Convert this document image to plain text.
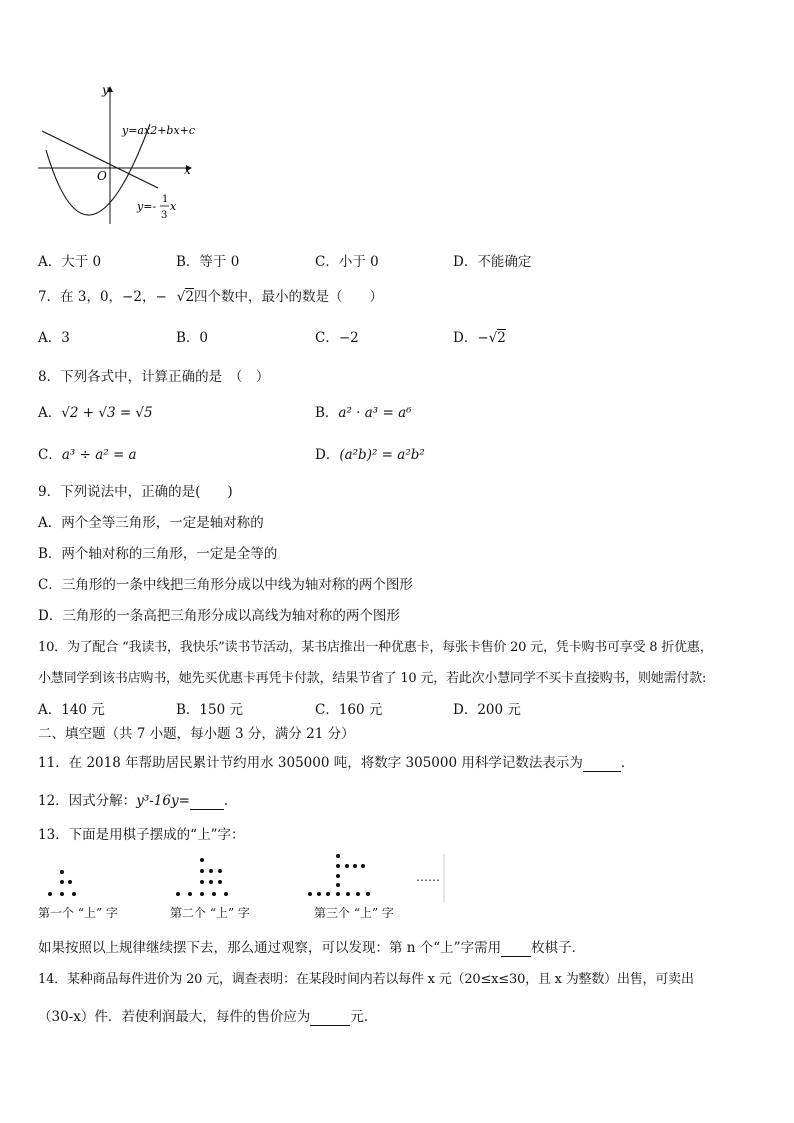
y
x
O
y=ax2+bx+c
y=-
1
3
x
A．大于 0	B．等于 0	C．小于 0	D．不能确定
7．在 3，0，−2，− √2四个数中，最小的数是（　　）
A．3	B．0	C．−2	D．−√2
8．下列各式中，计算正确的是　（　）
A．√2 + √3 = √5	B．a² · a³ = a⁶
C．a³ ÷ a² = a	D．(a²b)² = a²b²
9．下列说法中，正确的是(　　)
A．两个全等三角形，一定是轴对称的
B．两个轴对称的三角形，一定是全等的
C．三角形的一条中线把三角形分成以中线为轴对称的两个图形
D．三角形的一条高把三角形分成以高线为轴对称的两个图形
10．为了配合 “我读书，我快乐”读书节活动，某书店推出一种优惠卡，每张卡售价 20 元，凭卡购书可享受 8 折优惠，
小慧同学到该书店购书，她先买优惠卡再凭卡付款，结果节省了 10 元，若此次小慧同学不买卡直接购书，则她需付款:
A．140 元	B．150 元	C．160 元	D．200 元
二、填空题（共 7 小题，每小题 3 分，满分 21 分）
11．在 2018 年帮助居民累计节约用水 305000 吨，将数字 305000 用科学记数法表示为	．
12．因式分解：y³-16y=	．
13．下面是用棋子摆成的“上”字：
……
第一个 “上” 字	第二个 “上” 字	第三个 “上” 字
如果按照以上规律继续摆下去，那么通过观察，可以发现：第 n 个“上”字需用 枚棋子．
14．某种商品每件进价为 20 元，调查表明：在某段时间内若以每件 x 元（20≤x≤30，且 x 为整数）出售，可卖出
（30-x）件．若使利润最大，每件的售价应为	元．
